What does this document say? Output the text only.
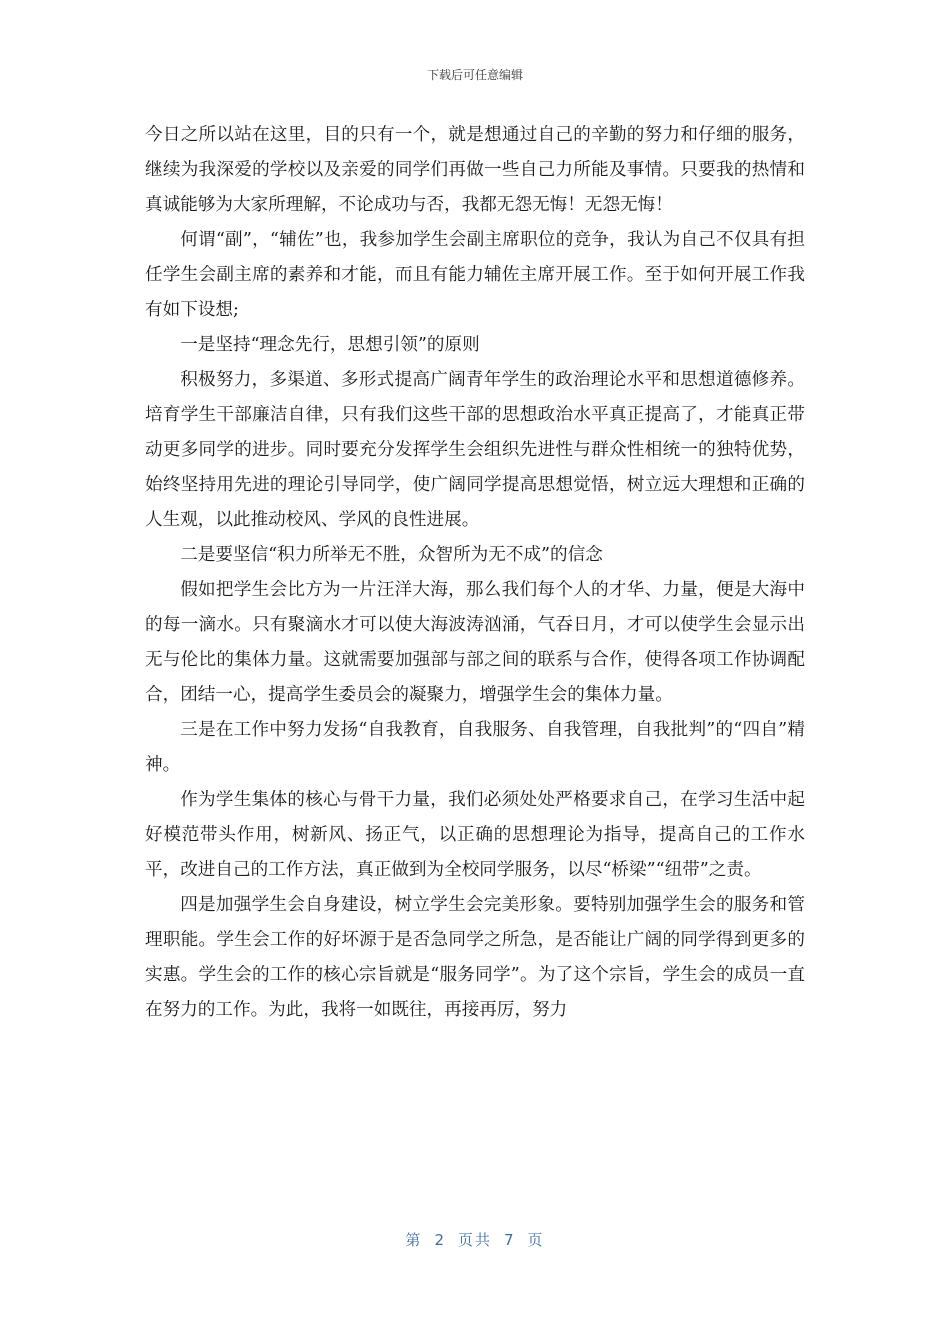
下载后可任意编辑

今日之所以站在这里，目的只有一个，就是想通过自己的辛勤的努力和仔细的服务，继续为我深爱的学校以及亲爱的同学们再做一些自己力所能及事情。只要我的热情和真诚能够为大家所理解，不论成功与否，我都无怨无悔！无怨无悔！

何谓“副”，“辅佐”也，我参加学生会副主席职位的竞争，我认为自己不仅具有担任学生会副主席的素养和才能，而且有能力辅佐主席开展工作。至于如何开展工作我有如下设想;

一是坚持“理念先行，思想引领”的原则

积极努力，多渠道、多形式提高广阔青年学生的政治理论水平和思想道德修养。培育学生干部廉洁自律，只有我们这些干部的思想政治水平真正提高了，才能真正带动更多同学的进步。同时要充分发挥学生会组织先进性与群众性相统一的独特优势，始终坚持用先进的理论引导同学，使广阔同学提高思想觉悟，树立远大理想和正确的人生观，以此推动校风、学风的良性进展。

二是要坚信“积力所举无不胜，众智所为无不成”的信念

假如把学生会比方为一片汪洋大海，那么我们每个人的才华、力量，便是大海中的每一滴水。只有聚滴水才可以使大海波涛汹涌，气吞日月，才可以使学生会显示出无与伦比的集体力量。这就需要加强部与部之间的联系与合作，使得各项工作协调配合，团结一心，提高学生委员会的凝聚力，增强学生会的集体力量。

三是在工作中努力发扬“自我教育，自我服务、自我管理，自我批判”的“四自”精神。

作为学生集体的核心与骨干力量，我们必须处处严格要求自己，在学习生活中起好模范带头作用，树新风、扬正气，以正确的思想理论为指导，提高自己的工作水平，改进自己的工作方法，真正做到为全校同学服务，以尽“桥梁”“纽带”之责。

四是加强学生会自身建设，树立学生会完美形象。要特别加强学生会的服务和管理职能。学生会工作的好坏源于是否急同学之所急，是否能让广阔的同学得到更多的实惠。学生会的工作的核心宗旨就是“服务同学”。为了这个宗旨，学生会的成员一直在努力的工作。为此，我将一如既往，再接再厉，努力

第 2 页共 7 页
